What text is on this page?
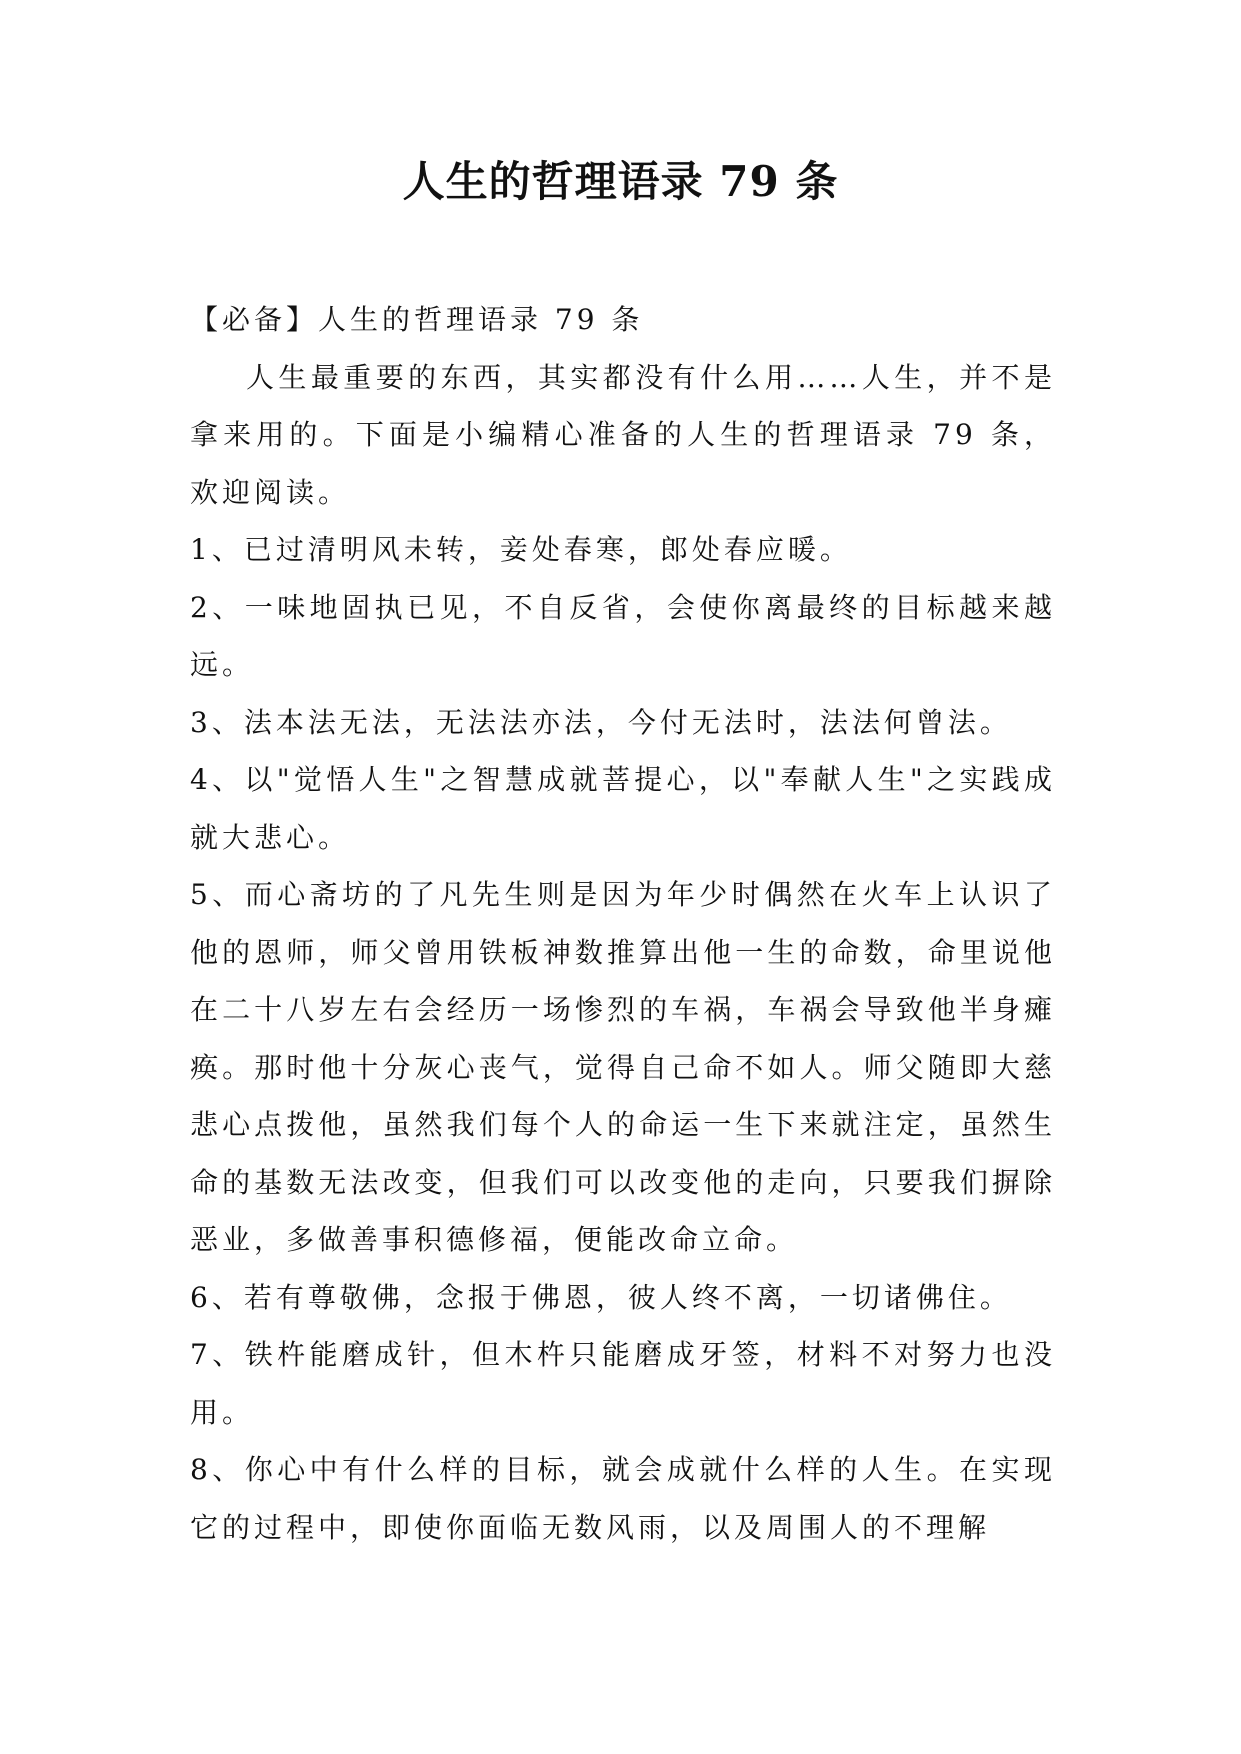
人生的哲理语录 79 条

【必备】人生的哲理语录 79 条

人生最重要的东西，其实都没有什么用……人生，并不是拿来用的。下面是小编精心准备的人生的哲理语录 79 条，欢迎阅读。

1、已过清明风未转，妾处春寒，郎处春应暖。

2、一味地固执已见，不自反省，会使你离最终的目标越来越远。

3、法本法无法，无法法亦法，今付无法时，法法何曾法。

4、以"觉悟人生"之智慧成就菩提心，以"奉献人生"之实践成就大悲心。

5、而心斋坊的了凡先生则是因为年少时偶然在火车上认识了他的恩师，师父曾用铁板神数推算出他一生的命数，命里说他在二十八岁左右会经历一场惨烈的车祸，车祸会导致他半身瘫痪。那时他十分灰心丧气，觉得自己命不如人。师父随即大慈悲心点拨他，虽然我们每个人的命运一生下来就注定，虽然生命的基数无法改变，但我们可以改变他的走向，只要我们摒除恶业，多做善事积德修福，便能改命立命。

6、若有尊敬佛，念报于佛恩，彼人终不离，一切诸佛住。

7、铁杵能磨成针，但木杵只能磨成牙签，材料不对努力也没用。

8、你心中有什么样的目标，就会成就什么样的人生。在实现它的过程中，即使你面临无数风雨，以及周围人的不理解
